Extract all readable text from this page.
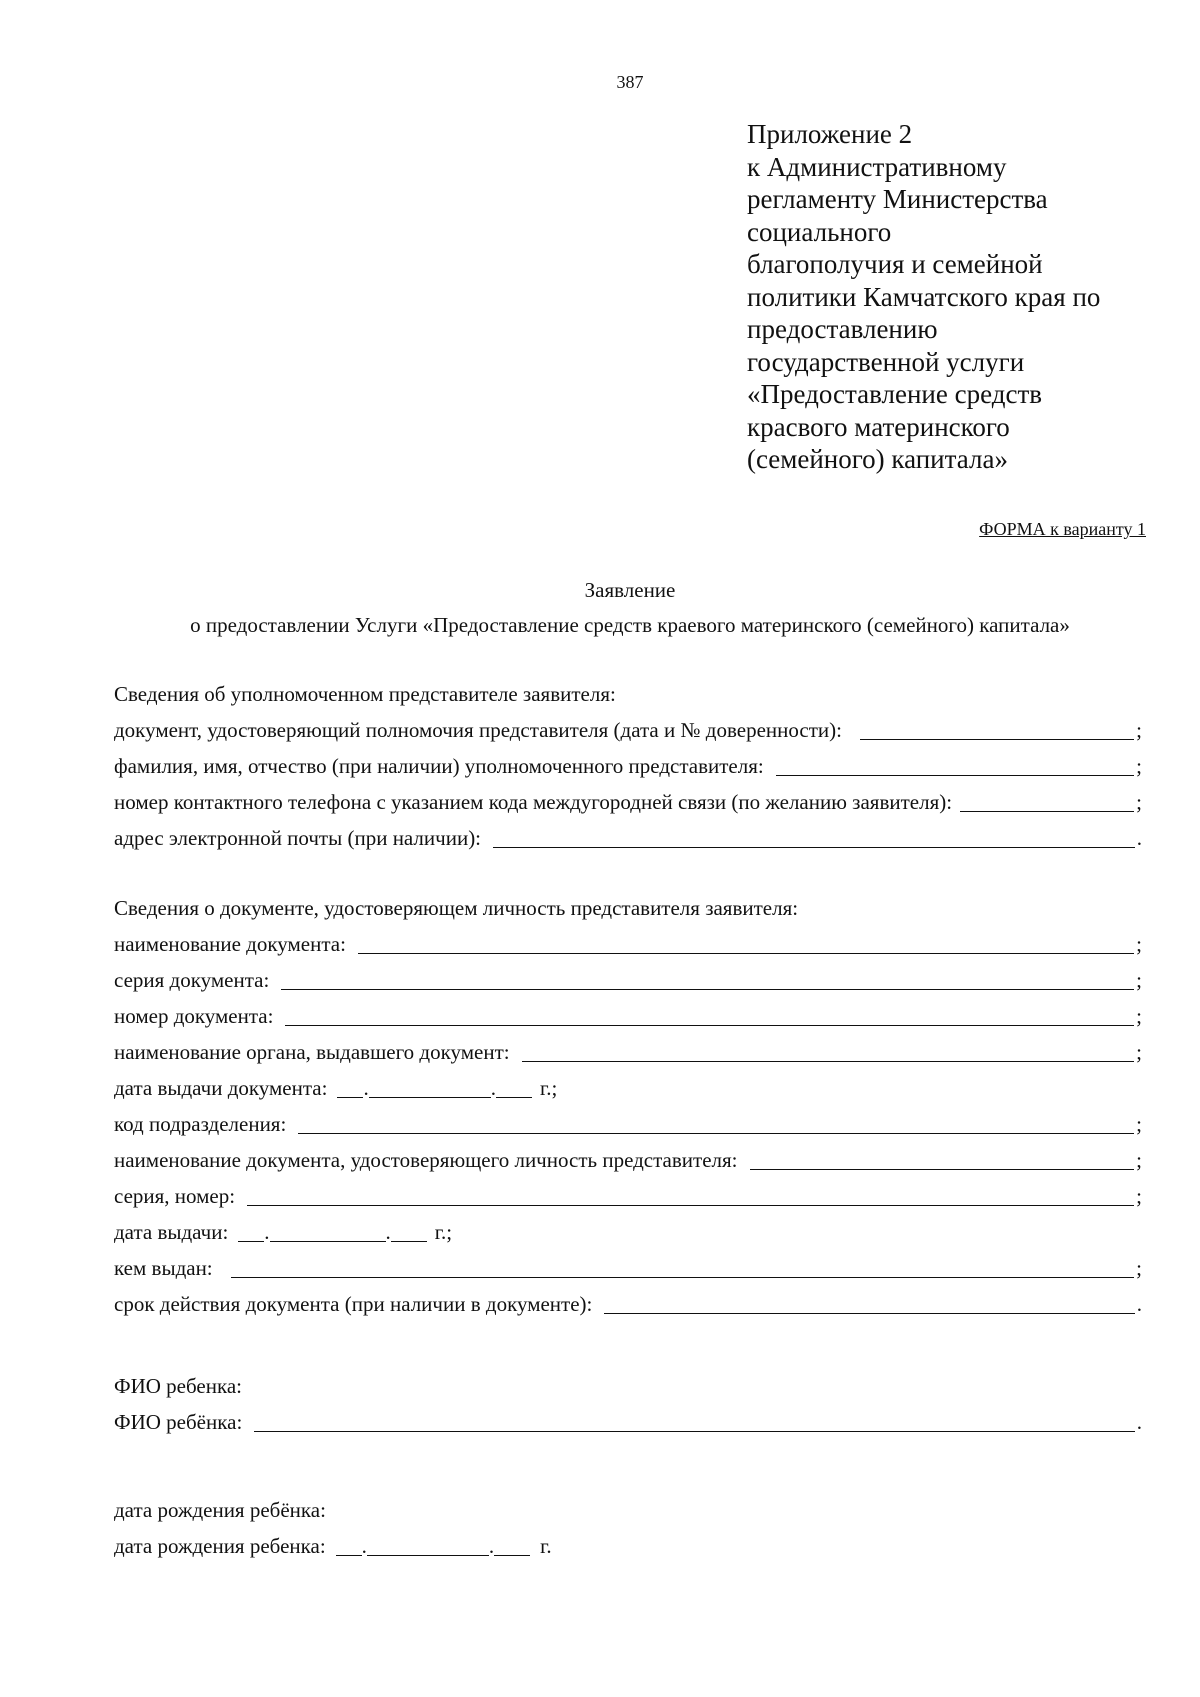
387
Приложение 2
к Административному
регламенту Министерства
социального
благополучия и семейной
политики Камчатского края по
предоставлению
государственной услуги
«Предоставление средств
красвого материнского
(семейного) капитала»
ФОРМА к варианту 1
Заявление
о предоставлении Услуги «Предоставление средств краевого материнского (семейного) капитала»
Сведения об уполномоченном представителе заявителя:
документ, удостоверяющий полномочия представителя (дата и № доверенности):	;
фамилия, имя, отчество (при наличии) уполномоченного представителя:	;
номер контактного телефона с указанием кода междугородней связи (по желанию заявителя):	;
адрес электронной почты (при наличии):	.
Сведения о документе, удостоверяющем личность представителя заявителя:
наименование документа:	;
серия документа:	;
номер документа:	;
наименование органа, выдавшего документ:	;
дата выдачи документа: .	. г.;
код подразделения:	;
наименование документа, удостоверяющего личность представителя:	;
серия, номер:	;
дата выдачи: .	. г.;
кем выдан:	;
срок действия документа (при наличии в документе):	.
ФИО ребенка:
ФИО ребёнка:	.
дата рождения ребёнка:
дата рождения ребенка: .	. г.
